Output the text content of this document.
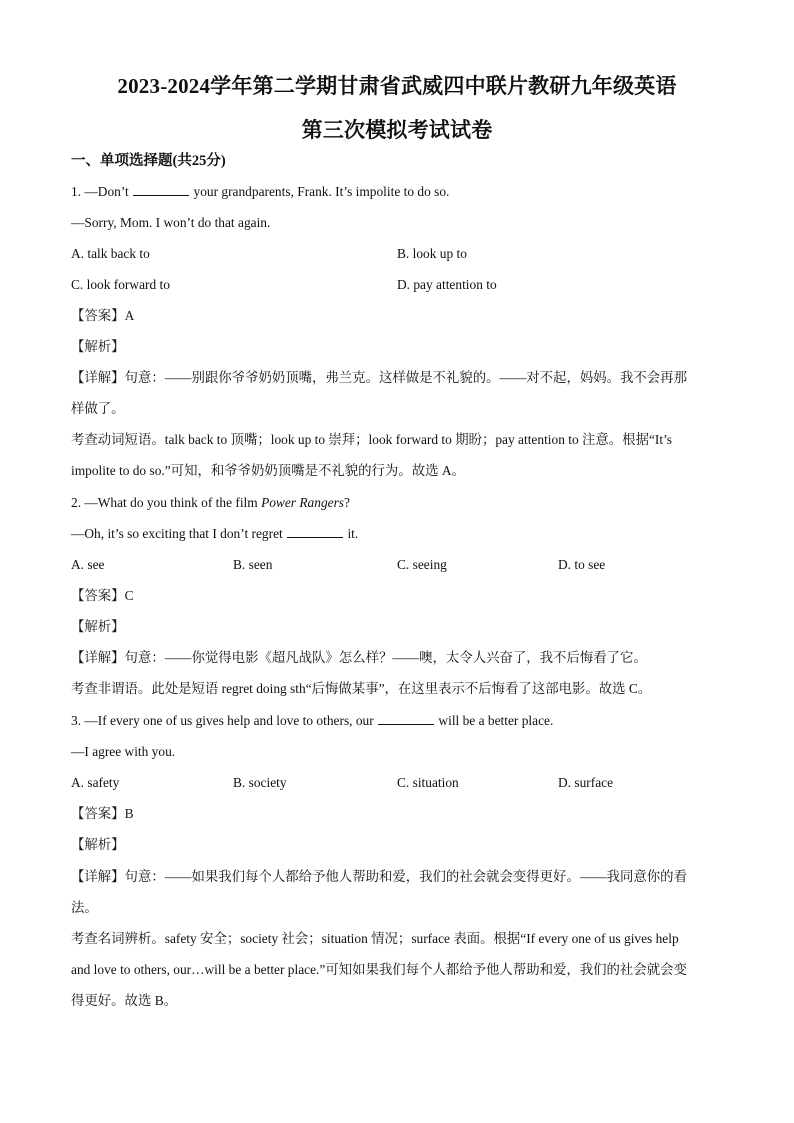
2023-2024学年第二学期甘肃省武威四中联片教研九年级英语
第三次模拟考试试卷
一、单项选择题(共25分)
1. —Don’t	your grandparents, Frank. It’s impolite to do so.
—Sorry, Mom. I won’t do that again.
A. talk back to	B. look up to
C. look forward to	D. pay attention to
【答案】A
【解析】
【详解】句意：——别跟你爷爷奶奶顶嘴，弗兰克。这样做是不礼貌的。——对不起，妈妈。我不会再那
样做了。
考查动词短语。talk back to 顶嘴；look up to 崇拜；look forward to 期盼；pay attention to 注意。根据“It’s
impolite to do so.”可知，和爷爷奶奶顶嘴是不礼貌的行为。故选 A。
2. —What do you think of the film Power Rangers?
—Oh, it’s so exciting that I don’t regret	it.
A. see	B. seen	C. seeing	D. to see
【答案】C
【解析】
【详解】句意：——你觉得电影《超凡战队》怎么样？——噢，太令人兴奋了，我不后悔看了它。
考查非谓语。此处是短语 regret doing sth“后悔做某事”，在这里表示不后悔看了这部电影。故选 C。
3. —If every one of us gives help and love to others, our	will be a better place.
—I agree with you.
A. safety	B. society	C. situation	D. surface
【答案】B
【解析】
【详解】句意：——如果我们每个人都给予他人帮助和爱，我们的社会就会变得更好。——我同意你的看
法。
考查名词辨析。safety 安全；society 社会；situation 情况；surface 表面。根据“If every one of us gives help
and love to others, our…will be a better place.”可知如果我们每个人都给予他人帮助和爱，我们的社会就会变
得更好。故选 B。
